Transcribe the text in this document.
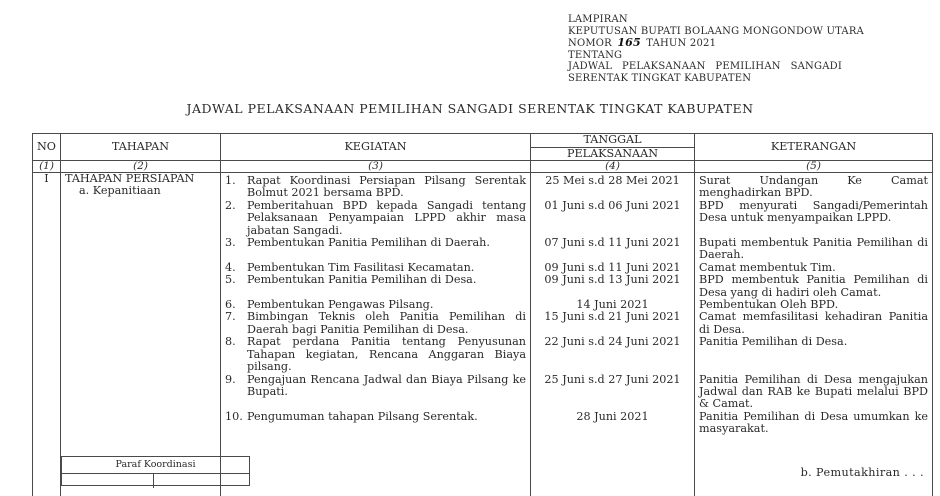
LAMPIRAN
KEPUTUSAN BUPATI BOLAANG MONGONDOW UTARA
NOMOR 165 TAHUN 2021
TENTANG
JADWAL PELAKSANAAN PEMILIHAN SANGADI
SERENTAK TINGKAT KABUPATEN
JADWAL PELAKSANAAN PEMILIHAN SANGADI SERENTAK TINGKAT KABUPATEN
NO	TAHAPAN	KEGIATAN	TANGGAL	KETERANGAN
			PELAKSANAAN	
(1)	(2)	(3)	(4)	(5)
I	TAHAPAN PERSIAPAN
a. Kepanitiaan			

		1. Rapat Koordinasi Persiapan Pilsang Serentak Bolmut 2021 bersama BPD.	25 Mei s.d 28 Mei 2021	Surat Undangan Ke Camat menghadirkan BPD.

		2. Pemberitahuan BPD kepada Sangadi tentang Pelaksanaan Penyampaian LPPD akhir masa jabatan Sangadi.	01 Juni s.d 06 Juni 2021	BPD menyurati Sangadi/Pemerintah Desa untuk menyampaikan LPPD.

		3. Pembentukan Panitia Pemilihan di Daerah.	07 Juni s.d 11 Juni 2021	Bupati membentuk Panitia Pemilihan di Daerah.

		4. Pembentukan Tim Fasilitasi Kecamatan.	09 Juni s.d 11 Juni 2021	Camat membentuk Tim.

		5. Pembentukan Panitia Pemilihan di Desa.	09 Juni s.d 13 Juni 2021	BPD membentuk Panitia Pemilihan di Desa yang di hadiri oleh Camat.

		6. Pembentukan Pengawas Pilsang.	14 Juni 2021	Pembentukan Oleh BPD.

		7. Bimbingan Teknis oleh Panitia Pemilihan di Daerah bagi Panitia Pemilihan di Desa.	15 Juni s.d 21 Juni 2021	Camat memfasilitasi kehadiran Panitia di Desa.

		8. Rapat perdana Panitia tentang Penyusunan Tahapan kegiatan, Rencana Anggaran Biaya pilsang.	22 Juni s.d 24 Juni 2021	Panitia Pemilihan di Desa.

		9. Pengajuan Rencana Jadwal dan Biaya Pilsang ke Bupati.	25 Juni s.d 27 Juni 2021	Panitia Pemilihan di Desa mengajukan Jadwal dan RAB ke Bupati melalui BPD & Camat.

		10. Pengumuman tahapan Pilsang Serentak.	28 Juni 2021	Panitia Pemilihan di Desa umumkan ke masyarakat.

Paraf Koordinasi
b. Pemutakhiran . . .
